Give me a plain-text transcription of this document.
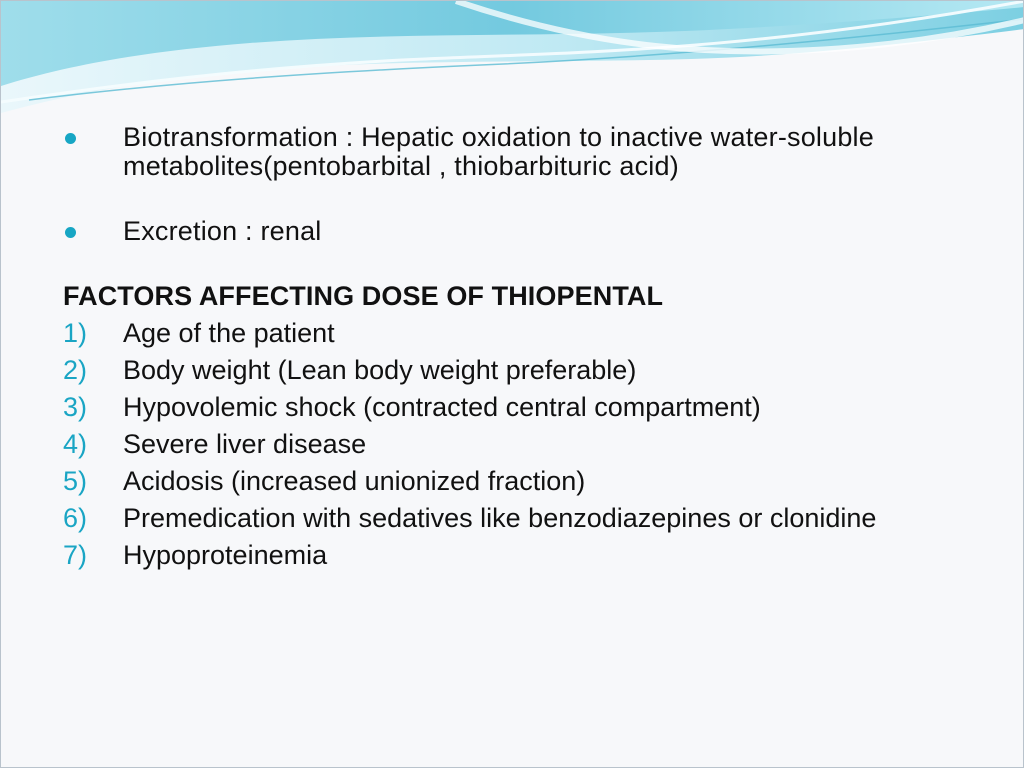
Biotransformation : Hepatic oxidation to inactive water-soluble metabolites(pentobarbital , thiobarbituric acid)
Excretion : renal
FACTORS AFFECTING DOSE OF THIOPENTAL
1) Age of the patient
2) Body weight (Lean body weight preferable)
3) Hypovolemic shock (contracted central compartment)
4) Severe liver disease
5) Acidosis (increased unionized fraction)
6) Premedication with sedatives like benzodiazepines or clonidine
7) Hypoproteinemia
